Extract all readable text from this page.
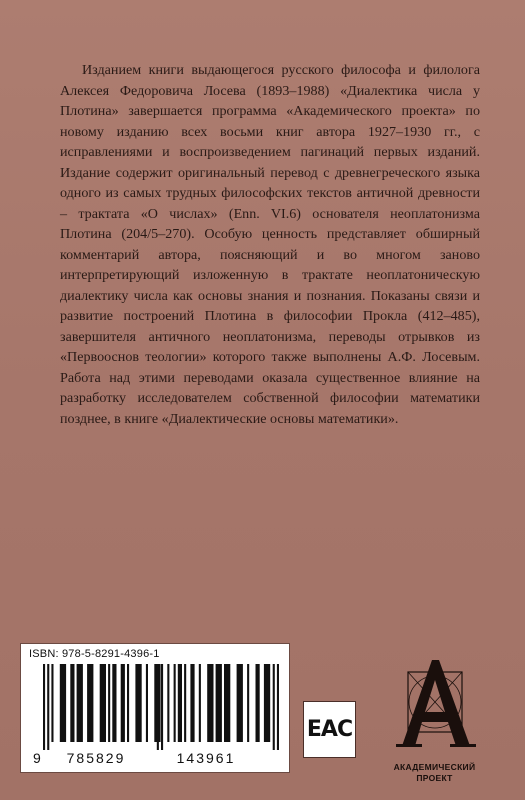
Изданием книги выдающегося русского философа и филолога Алексея Федоровича Лосева (1893–1988) «Диалектика числа у Плотина» завершается программа «Академического проекта» по новому изданию всех восьми книг автора 1927–1930 гг., с исправлениями и воспроизведением пагинаций первых изданий. Издание содержит оригинальный перевод с древнегреческого языка одного из самых трудных философских текстов античной древности – трактата «О числах» (Enn. VI.6) основателя неоплатонизма Плотина (204/5–270). Особую ценность представляет обширный комментарий автора, поясняющий и во многом заново интерпретирующий изложенную в трактате неоплатоническую диалектику числа как основы знания и познания. Показаны связи и развитие построений Плотина в философии Прокла (412–485), завершителя античного неоплатонизма, переводы отрывков из «Первооснов теологии» которого также выполнены А.Ф. Лосевым. Работа над этими переводами оказала существенное влияние на разработку исследователем собственной философии математики позднее, в книге «Диалектические основы математики».

ISBN: 978-5-8291-4396-1
9 785829	143961
EAC
АКАДЕМИЧЕСКИЙ
ПРОЕКТ
